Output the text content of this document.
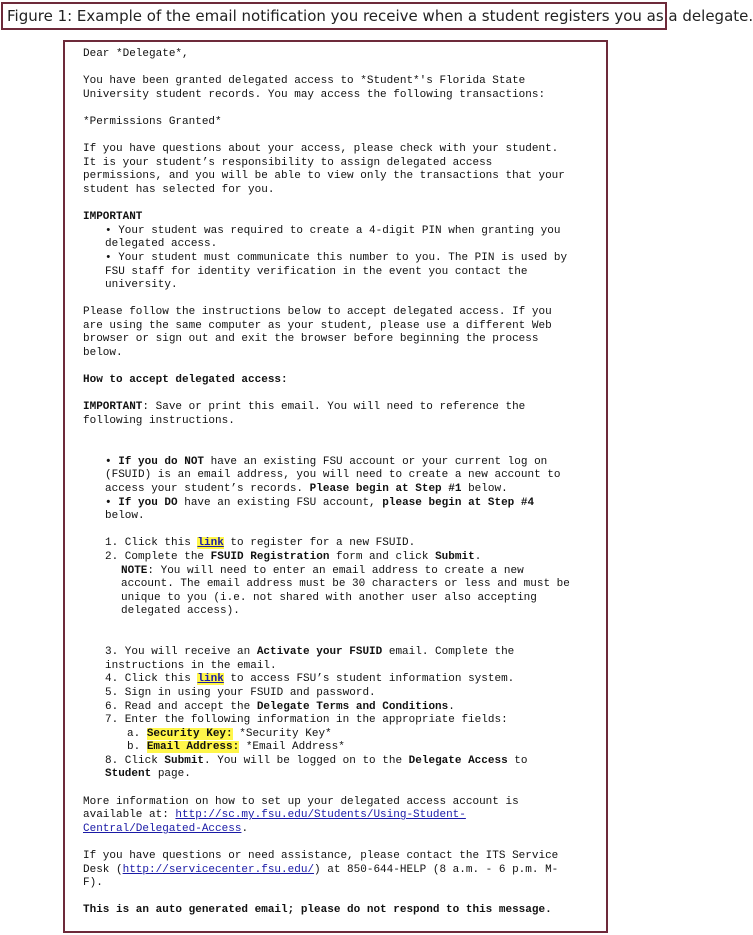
Figure 1: Example of the email notification you receive when a student registers you as a delegate.

Dear *Delegate*,

You have been granted delegated access to *Student*'s Florida State
University student records. You may access the following transactions:

*Permissions Granted*

If you have questions about your access, please check with your student.
It is your student’s responsibility to assign delegated access
permissions, and you will be able to view only the transactions that your
student has selected for you.

IMPORTANT
• Your student was required to create a 4-digit PIN when granting you
delegated access.
• Your student must communicate this number to you. The PIN is used by
FSU staff for identity verification in the event you contact the
university.

Please follow the instructions below to accept delegated access. If you
are using the same computer as your student, please use a different Web
browser or sign out and exit the browser before beginning the process
below.

How to accept delegated access:

IMPORTANT: Save or print this email. You will need to reference the
following instructions.

• If you do NOT have an existing FSU account or your current log on
(FSUID) is an email address, you will need to create a new account to
access your student’s records. Please begin at Step #1 below.
• If you DO have an existing FSU account, please begin at Step #4
below.

1. Click this link to register for a new FSUID.
2. Complete the FSUID Registration form and click Submit.
NOTE: You will need to enter an email address to create a new
account. The email address must be 30 characters or less and must be
unique to you (i.e. not shared with another user also accepting
delegated access).
3. You will receive an Activate your FSUID email. Complete the
instructions in the email.
4. Click this link to access FSU’s student information system.
5. Sign in using your FSUID and password.
6. Read and accept the Delegate Terms and Conditions.
7. Enter the following information in the appropriate fields:
a. Security Key: *Security Key*
b. Email Address: *Email Address*
8. Click Submit. You will be logged on to the Delegate Access to
Student page.

More information on how to set up your delegated access account is
available at: http://sc.my.fsu.edu/Students/Using-Student-
Central/Delegated-Access.

If you have questions or need assistance, please contact the ITS Service
Desk (http://servicecenter.fsu.edu/) at 850-644-HELP (8 a.m. - 6 p.m. M-
F).

This is an auto generated email; please do not respond to this message.
